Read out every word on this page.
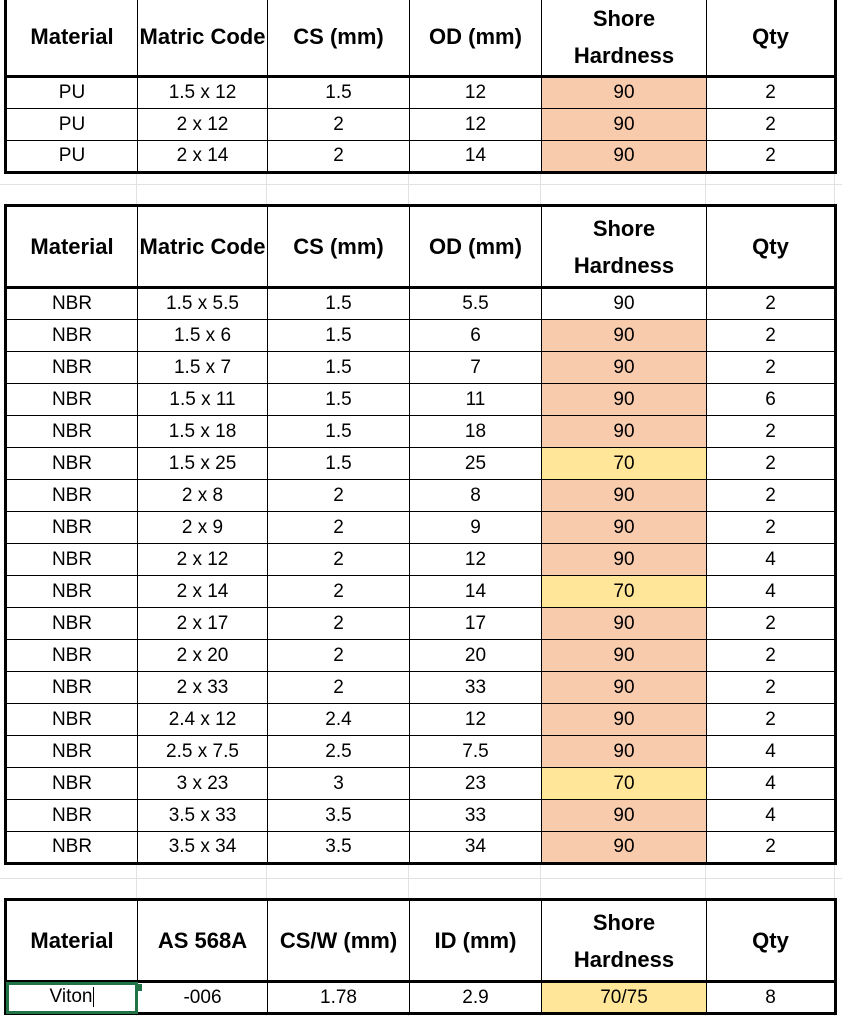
Material	Matric Code	CS (mm)	OD (mm)	Shore Hardness	Qty
PU	1.5 x 12	1.5	12	90	2
PU	2 x 12	2	12	90	2
PU	2 x 14	2	14	90	2
Material	Matric Code	CS (mm)	OD (mm)	Shore Hardness	Qty
NBR	1.5 x 5.5	1.5	5.5	90	2
NBR	1.5 x 6	1.5	6	90	2
NBR	1.5 x 7	1.5	7	90	2
NBR	1.5 x 11	1.5	11	90	6
NBR	1.5 x 18	1.5	18	90	2
NBR	1.5 x 25	1.5	25	70	2
NBR	2 x 8	2	8	90	2
NBR	2 x 9	2	9	90	2
NBR	2 x 12	2	12	90	4
NBR	2 x 14	2	14	70	4
NBR	2 x 17	2	17	90	2
NBR	2 x 20	2	20	90	2
NBR	2 x 33	2	33	90	2
NBR	2.4 x 12	2.4	12	90	2
NBR	2.5 x 7.5	2.5	7.5	90	4
NBR	3 x 23	3	23	70	4
NBR	3.5 x 33	3.5	33	90	4
NBR	3.5 x 34	3.5	34	90	2
Material	AS 568A	CS/W (mm)	ID (mm)	Shore Hardness	Qty
Viton	-006	1.78	2.9	70/75	8
